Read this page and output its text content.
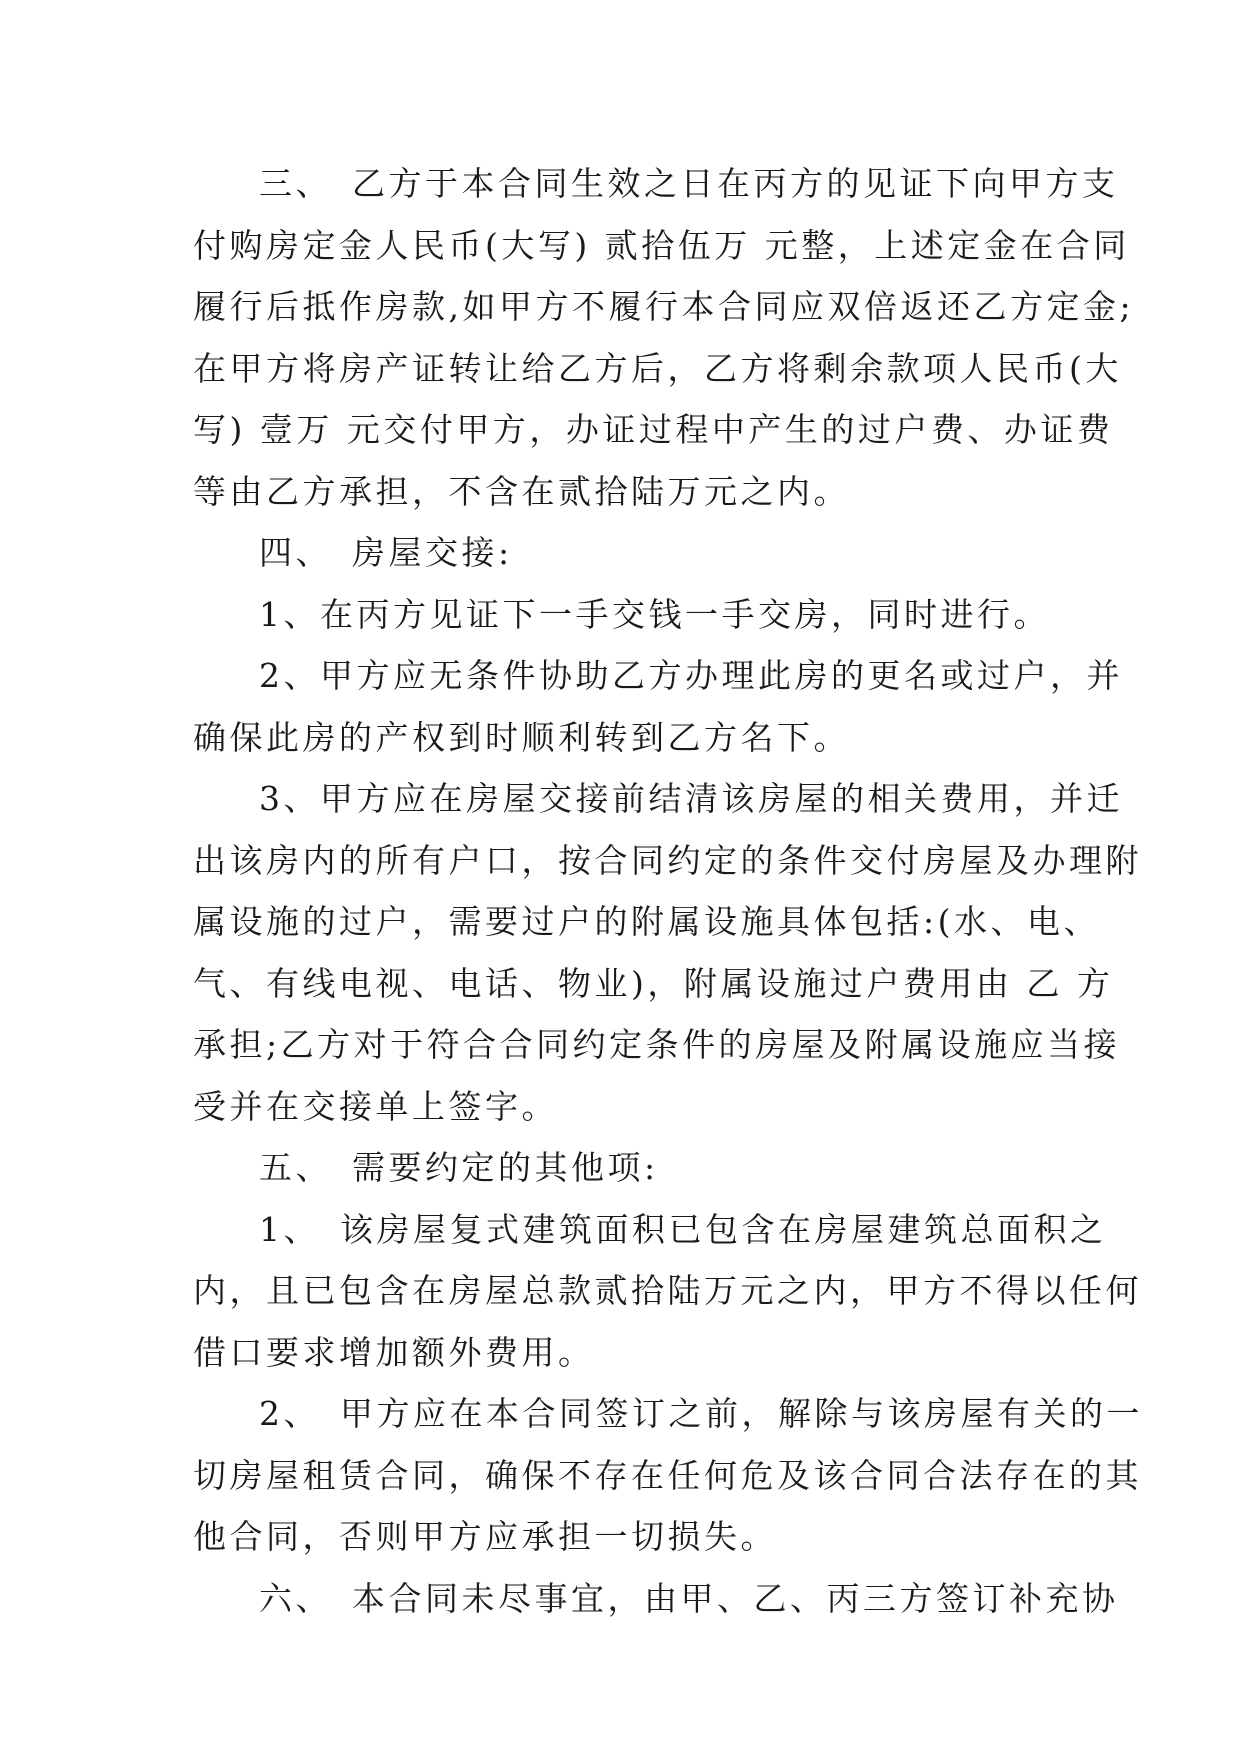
三、　乙方于本合同生效之日在丙方的见证下向甲方支
付购房定金人民币(大写) 贰拾伍万 元整，上述定金在合同
履行后抵作房款,如甲方不履行本合同应双倍返还乙方定金;
在甲方将房产证转让给乙方后，乙方将剩余款项人民币(大
写) 壹万 元交付甲方，办证过程中产生的过户费、办证费
等由乙方承担，不含在贰拾陆万元之内。
四、　房屋交接:
1、在丙方见证下一手交钱一手交房，同时进行。
2、甲方应无条件协助乙方办理此房的更名或过户，并
确保此房的产权到时顺利转到乙方名下。
3、甲方应在房屋交接前结清该房屋的相关费用，并迁
出该房内的所有户口，按合同约定的条件交付房屋及办理附
属设施的过户，需要过户的附属设施具体包括:(水、电、
气、有线电视、电话、物业)，附属设施过户费用由 乙 方
承担;乙方对于符合合同约定条件的房屋及附属设施应当接
受并在交接单上签字。
五、　需要约定的其他项:
1、　该房屋复式建筑面积已包含在房屋建筑总面积之
内，且已包含在房屋总款贰拾陆万元之内，甲方不得以任何
借口要求增加额外费用。
2、　甲方应在本合同签订之前，解除与该房屋有关的一
切房屋租赁合同，确保不存在任何危及该合同合法存在的其
他合同，否则甲方应承担一切损失。
六、　本合同未尽事宜，由甲、乙、丙三方签订补充协
